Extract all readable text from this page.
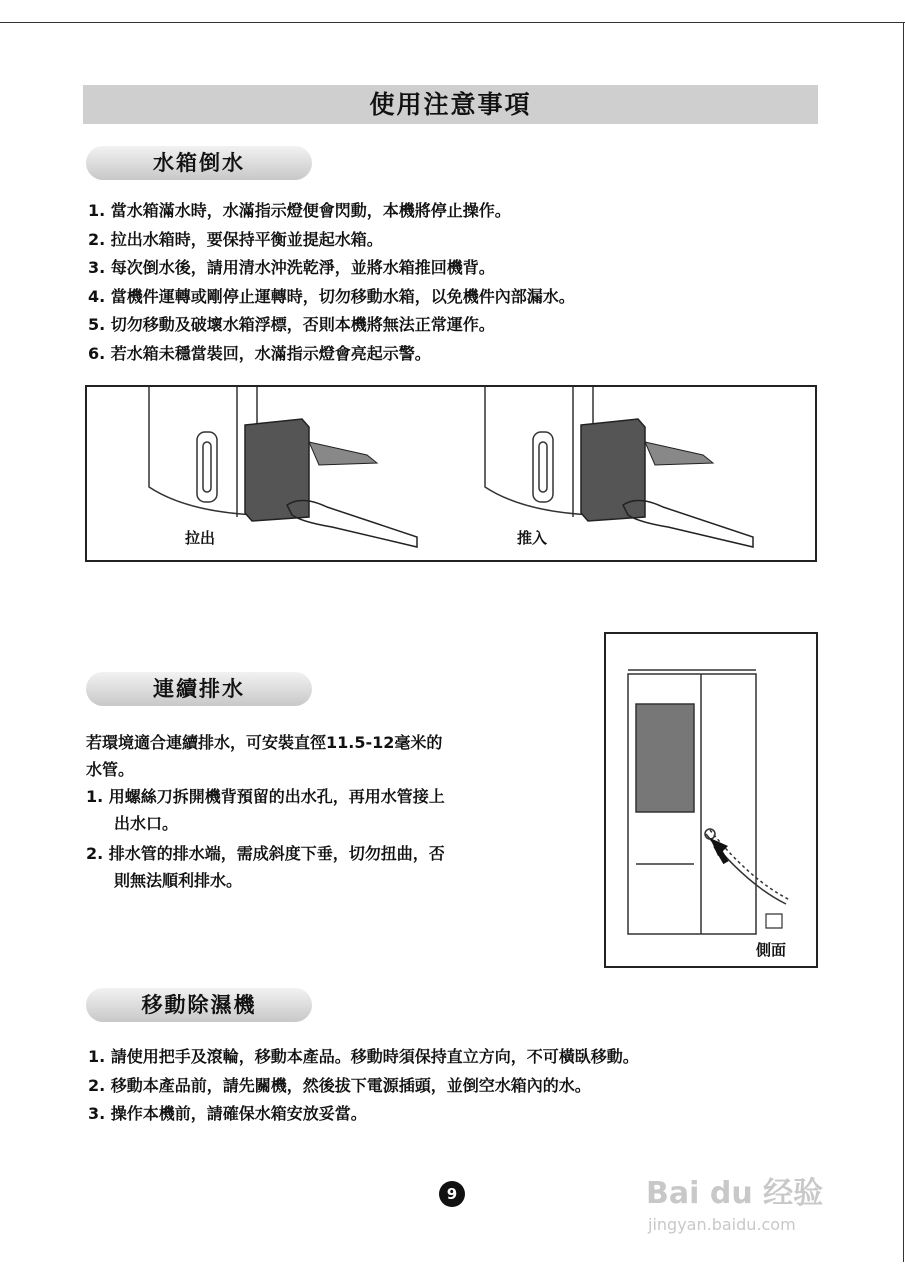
使用注意事項
水箱倒水
1. 當水箱滿水時，水滿指示燈便會閃動，本機將停止操作。
2. 拉出水箱時，要保持平衡並提起水箱。
3. 每次倒水後，請用清水沖洗乾淨，並將水箱推回機背。
4. 當機件運轉或剛停止運轉時，切勿移動水箱，以免機件內部漏水。
5. 切勿移動及破壞水箱浮標，否則本機將無法正常運作。
6. 若水箱未穩當裝回，水滿指示燈會亮起示警。
拉出	推入
連續排水
若環境適合連續排水，可安裝直徑11.5-12毫米的
水管。
1. 用螺絲刀拆開機背預留的出水孔，再用水管接上
出水口。
2. 排水管的排水端，需成斜度下垂，切勿扭曲，否
則無法順利排水。
側面
移動除濕機
1. 請使用把手及滾輪，移動本產品。移動時須保持直立方向，不可橫臥移動。
2. 移動本產品前，請先關機，然後拔下電源插頭，並倒空水箱內的水。
3. 操作本機前，請確保水箱安放妥當。
9	Bai du 经验
jingyan.baidu.com
